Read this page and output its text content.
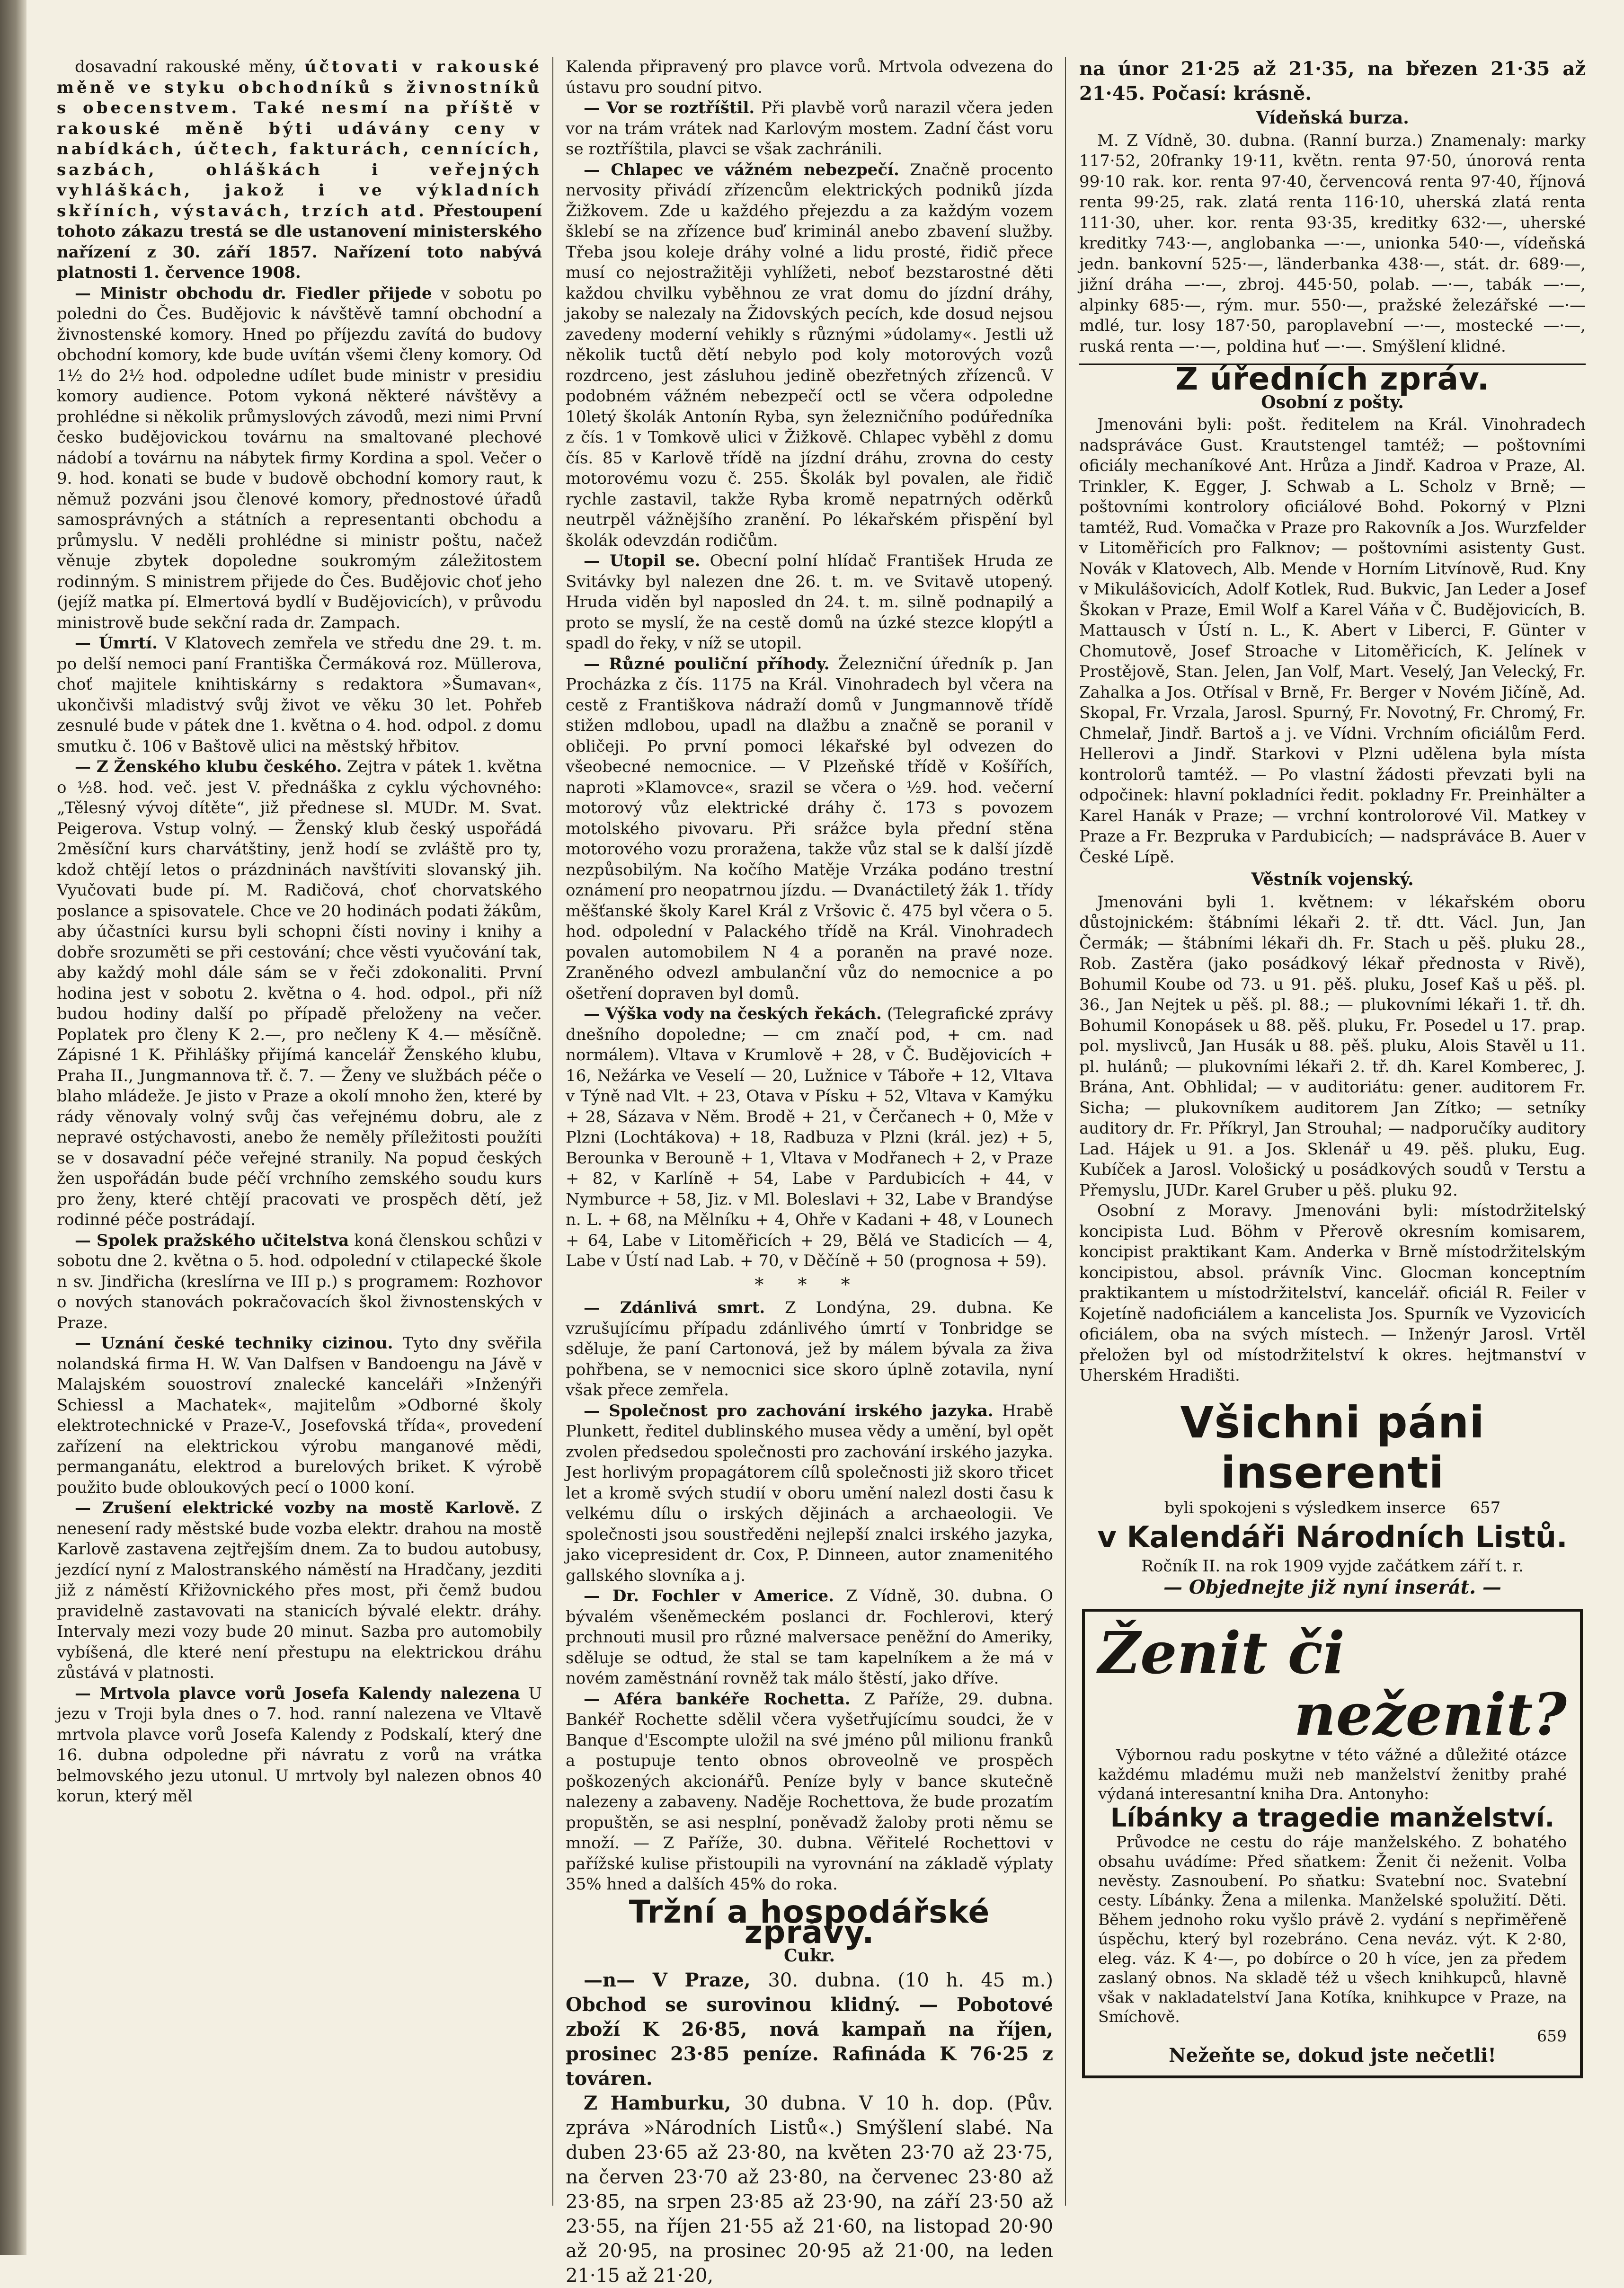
dosavadní rakouské měny, účtovati v rakouské měně ve styku obchodníků s živnostníků s obecenstvem. Také nesmí na příště v rakouské měně býti udávány ceny v nabídkách, účtech, fakturách, cennících, sazbách, ohláškách i veřejných vyhláškách, jakož i ve výkladních skříních, výstavách, trzích atd. Přestoupení tohoto zákazu trestá se dle ustanovení ministerského nařízení z 30. září 1857. Nařízení toto nabývá platnosti 1. července 1908.

— Ministr obchodu dr. Fiedler přijede v sobotu po poledni do Čes. Budějovic k návštěvě tamní obchodní a živnostenské komory. Hned po příjezdu zavítá do budovy obchodní komory, kde bude uvítán všemi členy komory. Od 1½ do 2½ hod. odpoledne udílet bude ministr v presidiu komory audience. Potom vykoná některé návštěvy a prohlédne si několik průmyslových závodů, mezi nimi První česko budějovickou továrnu na smaltované plechové nádobí a továrnu na nábytek firmy Kordina a spol. Večer o 9. hod. konati se bude v budově obchodní komory raut, k němuž pozváni jsou členové komory, přednostové úřadů samosprávných a státních a representanti obchodu a průmyslu. V neděli prohlédne si ministr poštu, načež věnuje zbytek dopoledne soukromým záležitostem rodinným. S ministrem přijede do Čes. Budějovic choť jeho (jejíž matka pí. Elmertová bydlí v Budějovicích), v průvodu ministrově bude sekční rada dr. Zampach.

— Úmrtí. V Klatovech zemřela ve středu dne 29. t. m. po delší nemoci paní Františka Čermáková roz. Müllerova, choť majitele knihtiskárny s redaktora »Šumavan«, ukončivši mladistvý svůj život ve věku 30 let. Pohřeb zesnulé bude v pátek dne 1. května o 4. hod. odpol. z domu smutku č. 106 v Baštově ulici na městský hřbitov.

— Z Ženského klubu českého. Zejtra v pátek 1. května o ½8. hod. več. jest V. přednáška z cyklu výchovného: „Tělesný vývoj dítěte“, již přednese sl. MUDr. M. Svat. Peigerova. Vstup volný. — Ženský klub český uspořádá 2měsíční kurs charvátštiny, jenž hodí se zvláště pro ty, kdož chtějí letos o prázdninách navštíviti slovanský jih. Vyučovati bude pí. M. Radičová, choť chorvatského poslance a spisovatele. Chce ve 20 hodinách podati žákům, aby účastníci kursu byli schopni čísti noviny i knihy a dobře srozuměti se při cestování; chce věsti vyučování tak, aby každý mohl dále sám se v řeči zdokonaliti. První hodina jest v sobotu 2. května o 4. hod. odpol., při níž budou hodiny další po případě přeloženy na večer. Poplatek pro členy K 2.—, pro nečleny K 4.— měsíčně. Zápisné 1 K. Přihlášky přijímá kancelář Ženského klubu, Praha II., Jungmannova tř. č. 7. — Ženy ve službách péče o blaho mládeže. Je jisto v Praze a okolí mnoho žen, které by rády věnovaly volný svůj čas veřejnému dobru, ale z nepravé ostýchavosti, anebo že neměly příležitosti použíti se v dosavadní péče veřejné stranily. Na popud českých žen uspořádán bude péčí vrchního zemského soudu kurs pro ženy, které chtějí pracovati ve prospěch dětí, jež rodinné péče postrádají.

— Spolek pražského učitelstva koná členskou schůzi v sobotu dne 2. května o 5. hod. odpolední v ctilapecké škole n sv. Jindřicha (kreslírna ve III p.) s programem: Rozhovor o nových stanovách pokračovacích škol živnostenských v Praze.

— Uznání české techniky cizinou. Tyto dny svěřila nolandská firma H. W. Van Dalfsen v Bandoengu na Jávě v Malajském souostroví znalecké kanceláři »Inženýři Schiessl a Machatek«, majitelům »Odborné školy elektrotechnické v Praze-V., Josefovská třída«, provedení zařízení na elektrickou výrobu manganové mědi, permanganátu, elektrod a burelových briket. K výrobě použito bude obloukových pecí o 1000 koní.

— Zrušení elektrické vozby na mostě Karlově. Z nenesení rady městské bude vozba elektr. drahou na mostě Karlově zastavena zejtřejším dnem. Za to budou autobusy, jezdící nyní z Malostranského náměstí na Hradčany, jezditi již z náměstí Křižovnického přes most, při čemž budou pravidelně zastavovati na stanicích bývalé elektr. dráhy. Intervaly mezi vozy bude 20 minut. Sazba pro automobily vybíšená, dle které není přestupu na elektrickou dráhu zůstává v platnosti.

— Mrtvola plavce vorů Josefa Kalendy nalezena U jezu v Troji byla dnes o 7. hod. ranní nalezena ve Vltavě mrtvola plavce vorů Josefa Kalendy z Podskalí, který dne 16. dubna odpoledne při návratu z vorů na vrátka belmovského jezu utonul. U mrtvoly byl nalezen obnos 40 korun, který měl

Kalenda připravený pro plavce vorů. Mrtvola odvezena do ústavu pro soudní pitvo.

— Vor se roztříštil. Při plavbě vorů narazil včera jeden vor na trám vrátek nad Karlovým mostem. Zadní část voru se roztříštila, plavci se však zachránili.

— Chlapec ve vážném nebezpečí. Značně procento nervosity přivádí zřízencům elektrických podniků jízda Žižkovem. Zde u každého přejezdu a za každým vozem šklebí se na zřízence buď kriminál anebo zbavení služby. Třeba jsou koleje dráhy volné a lidu prosté, řidič přece musí co nejostražitěji vyhlížeti, neboť bezstarostné děti každou chvilku vyběhnou ze vrat domu do jízdní dráhy, jakoby se nalezaly na Židovských pecích, kde dosud nejsou zavedeny moderní vehikly s různými »údolamy«. Jestli už několik tuctů dětí nebylo pod koly motorových vozů rozdrceno, jest zásluhou jedině obezřetných zřízenců. V podobném vážném nebezpečí octl se včera odpoledne 10letý školák Antonín Ryba, syn železničního podúředníka z čís. 1 v Tomkově ulici v Žižkově. Chlapec vyběhl z domu čís. 85 v Karlově třídě na jízdní dráhu, zrovna do cesty motorovému vozu č. 255. Školák byl povalen, ale řidič rychle zastavil, takže Ryba kromě nepatrných oděrků neutrpěl vážnějšího zranění. Po lékařském přispění byl školák odevzdán rodičům.

— Utopil se. Obecní polní hlídač František Hruda ze Svitávky byl nalezen dne 26. t. m. ve Svitavě utopený. Hruda viděn byl naposled dn 24. t. m. silně podnapilý a proto se myslí, že na cestě domů na úzké stezce klopýtl a spadl do řeky, v níž se utopil.

— Různé pouliční příhody. Železniční úředník p. Jan Procházka z čís. 1175 na Král. Vinohradech byl včera na cestě z Františkova nádraží domů v Jungmannově třídě stižen mdlobou, upadl na dlažbu a značně se poranil v obličeji. Po první pomoci lékařské byl odvezen do všeobecné nemocnice. — V Plzeňské třídě v Košířích, naproti »Klamovce«, srazil se včera o ½9. hod. večerní motorový vůz elektrické dráhy č. 173 s povozem motolského pivovaru. Při srážce byla přední stěna motorového vozu proražena, takže vůz stal se k další jízdě nezpůsobilým. Na kočího Matěje Vrzáka podáno trestní oznámení pro neopatrnou jízdu. — Dvanáctiletý žák 1. třídy měšťanské školy Karel Král z Vršovic č. 475 byl včera o 5. hod. odpolední v Palackého třídě na Král. Vinohradech povalen automobilem N 4 a poraněn na pravé noze. Zraněného odvezl ambulanční vůz do nemocnice a po ošetření dopraven byl domů.

— Výška vody na českých řekách. (Telegrafické zprávy dnešního dopoledne; — cm značí pod, + cm. nad normálem). Vltava v Krumlově + 28, v Č. Budějovicích + 16, Nežárka ve Veselí — 20, Lužnice v Táboře + 12, Vltava v Týně nad Vlt. + 23, Otava v Písku + 52, Vltava v Kamýku + 28, Sázava v Něm. Brodě + 21, v Čerčanech + 0, Mže v Plzni (Lochtákova) + 18, Radbuza v Plzni (král. jez) + 5, Berounka v Berouně + 1, Vltava v Modřanech + 2, v Praze + 82, v Karlíně + 54, Labe v Pardubicích + 44, v Nymburce + 58, Jiz. v Ml. Boleslavi + 32, Labe v Brandýse n. L. + 68, na Mělníku + 4, Ohře v Kadani + 48, v Lounech + 64, Labe v Litoměřicích + 29, Bělá ve Stadicích — 4, Labe v Ústí nad Lab. + 70, v Děčíně + 50 (prognosa + 59).

* * *

— Zdánlivá smrt. Z Londýna, 29. dubna. Ke vzrušujícímu případu zdánlivého úmrtí v Tonbridge se sděluje, že paní Cartonová, jež by málem bývala za živa pohřbena, se v nemocnici sice skoro úplně zotavila, nyní však přece zemřela.

— Společnost pro zachování irského jazyka. Hrabě Plunkett, ředitel dublinského musea vědy a umění, byl opět zvolen předsedou společnosti pro zachování irského jazyka. Jest horlivým propagátorem cílů společnosti již skoro třicet let a kromě svých studií v oboru umění nalezl dosti času k velkému dílu o irských dějinách a archaeologii. Ve společnosti jsou soustředěni nejlepší znalci irského jazyka, jako vicepresident dr. Cox, P. Dinneen, autor znamenitého gallského slovníka a j.

— Dr. Fochler v Americe. Z Vídně, 30. dubna. O bývalém všeněmeckém poslanci dr. Fochlerovi, který prchnouti musil pro různé malversace peněžní do Ameriky, sděluje se odtud, že stal se tam kapelníkem a že má v novém zaměstnání rovněž tak málo štěstí, jako dříve.

— Aféra bankéře Rochetta. Z Paříže, 29. dubna. Bankéř Rochette sdělil včera vyšetřujícímu soudci, že v Banque d'Escompte uložil na své jméno půl milionu franků a postupuje tento obnos obroveolně ve prospěch poškozených akcionářů. Peníze byly v bance skutečně nalezeny a zabaveny. Naděje Rochettova, že bude prozatím propuštěn, se asi nesplní, poněvadž žaloby proti němu se množí. — Z Paříže, 30. dubna. Věřitelé Rochettovi v pařížské kulise přistoupili na vyrovnání na základě výplaty 35% hned a dalších 45% do roka.

Tržní a hospodářské zprávy.
Cukr.

—n— V Praze, 30. dubna. (10 h. 45 m.) Obchod se surovinou klidný. — Pobotové zboží K 26·85, nová kampaň na říjen, prosinec 23·85 peníze. Rafináda K 76·25 z továren.

Z Hamburku, 30 dubna. V 10 h. dop. (Pův. zpráva »Národních Listů«.) Smýšlení slabé. Na duben 23·65 až 23·80, na květen 23·70 až 23·75, na červen 23·70 až 23·80, na červenec 23·80 až 23·85, na srpen 23·85 až 23·90, na září 23·50 až 23·55, na říjen 21·55 až 21·60, na listopad 20·90 až 20·95, na prosinec 20·95 až 21·00, na leden 21·15 až 21·20,

na únor 21·25 až 21·35, na březen 21·35 až 21·45. Počasí: krásně.

Vídeňská burza.

M. Z Vídně, 30. dubna. (Ranní burza.) Znamenaly: marky 117·52, 20franky 19·11, květn. renta 97·50, únorová renta 99·10 rak. kor. renta 97·40, červencová renta 97·40, říjnová renta 99·25, rak. zlatá renta 116·10, uherská zlatá renta 111·30, uher. kor. renta 93·35, kreditky 632·—, uherské kreditky 743·—, anglobanka —·—, unionka 540·—, vídeňská jedn. bankovní 525·—, länderbanka 438·—, stát. dr. 689·—, jižní dráha —·—, zbroj. 445·50, polab. —·—, tabák —·—, alpinky 685·—, rým. mur. 550·—, pražské železářské —·— mdlé, tur. losy 187·50, paroplavební —·—, mostecké —·—, ruská renta —·—, poldina huť —·—. Smýšlení klidné.

Z úředních zpráv.
Osobní z pošty.

Jmenováni byli: pošt. ředitelem na Král. Vinohradech nadspráváce Gust. Krautstengel tamtéž; — poštovními oficiály mechaníkové Ant. Hrůza a Jindř. Kadroa v Praze, Al. Trinkler, K. Egger, J. Schwab a L. Scholz v Brně; — poštovními kontrolory oficiálové Bohd. Pokorný v Plzni tamtéž, Rud. Vomačka v Praze pro Rakovník a Jos. Wurzfelder v Litoměřicích pro Falknov; — poštovními asistenty Gust. Novák v Klatovech, Alb. Mende v Horním Litvínově, Rud. Kny v Mikulášovicích, Adolf Kotlek, Rud. Bukvic, Jan Leder a Josef Škokan v Praze, Emil Wolf a Karel Váňa v Č. Budějovicích, B. Mattausch v Ústí n. L., K. Abert v Liberci, F. Günter v Chomutově, Josef Stroache v Litoměřicích, K. Jelínek v Prostějově, Stan. Jelen, Jan Volf, Mart. Veselý, Jan Velecký, Fr. Zahalka a Jos. Otřísal v Brně, Fr. Berger v Novém Jičíně, Ad. Skopal, Fr. Vrzala, Jarosl. Spurný, Fr. Novotný, Fr. Chromý, Fr. Chmelař, Jindř. Bartoš a j. ve Vídni. Vrchním oficiálům Ferd. Hellerovi a Jindř. Starkovi v Plzni udělena byla místa kontrolorů tamtéž. — Po vlastní žádosti převzati byli na odpočinek: hlavní pokladníci ředit. pokladny Fr. Preinhälter a Karel Hanák v Praze; — vrchní kontrolorové Vil. Matkey v Praze a Fr. Bezpruka v Pardubicích; — nadspráváce B. Auer v České Lípě.

Věstník vojenský.

Jmenováni byli 1. květnem: v lékařském oboru důstojnickém: štábními lékaři 2. tř. dtt. Václ. Jun, Jan Čermák; — štábními lékaři dh. Fr. Stach u pěš. pluku 28., Rob. Zastěra (jako posádkový lékař přednosta v Rivě), Bohumil Koube od 73. u 91. pěš. pluku, Josef Kaš u pěš. pl. 36., Jan Nejtek u pěš. pl. 88.; — plukovními lékaři 1. tř. dh. Bohumil Konopásek u 88. pěš. pluku, Fr. Posedel u 17. prap. pol. myslivců, Jan Husák u 88. pěš. pluku, Alois Stavěl u 11. pl. hulánů; — plukovními lékaři 2. tř. dh. Karel Komberec, J. Brána, Ant. Obhlidal; — v auditoriátu: gener. auditorem Fr. Sicha; — plukovníkem auditorem Jan Zítko; — setníky auditory dr. Fr. Příkryl, Jan Strouhal; — nadporučíky auditory Lad. Hájek u 91. a Jos. Sklenář u 49. pěš. pluku, Eug. Kubíček a Jarosl. Vološický u posádkových soudů v Terstu a Přemyslu, JUDr. Karel Gruber u pěš. pluku 92.

Osobní z Moravy. Jmenováni byli: místodržitelský koncipista Lud. Böhm v Přerově okresním komisarem, koncipist praktikant Kam. Anderka v Brně místodržitelským koncipistou, absol. právník Vinc. Glocman konceptním praktikantem u místodržitelství, kancelář. oficiál R. Feiler v Kojetíně nadoficiálem a kancelista Jos. Spurník ve Vyzovicích oficiálem, oba na svých místech. — Inženýr Jarosl. Vrtěl přeložen byl od místodržitelství k okres. hejtmanství v Uherském Hradišti.

Všichni páni inserenti
byli spokojeni s výsledkem inserce 657
v Kalendáři Národních Listů.
Ročník II. na rok 1909 vyjde začátkem září t. r.
— Objednejte již nyní inserát. —
Ženit či
neženit?

Výbornou radu poskytne v této vážné a důležité otázce každému mladému muži neb manželství ženitby prahé výdaná interesantní kniha Dra. Antonyho:

Líbánky a tragedie manželství.

Průvodce ne cestu do ráje manželského. Z bohatého obsahu uvádíme: Před sňatkem: Ženit či neženit. Volba nevěsty. Zasnoubení. Po sňatku: Svatební noc. Svatební cesty. Líbánky. Žena a milenka. Manželské spolužití. Děti. Během jednoho roku vyšlo právě 2. vydání s nepřiměřeně úspěchu, který byl rozebráno. Cena neváz. výt. K 2·80, eleg. váz. K 4·—, po dobírce o 20 h více, jen za předem zaslaný obnos. Na skladě též u všech knihkupců, hlavně však v nakladatelství Jana Kotíka, knihkupce v Praze, na Smíchově.

659
Nežeňte se, dokud jste nečetli!
